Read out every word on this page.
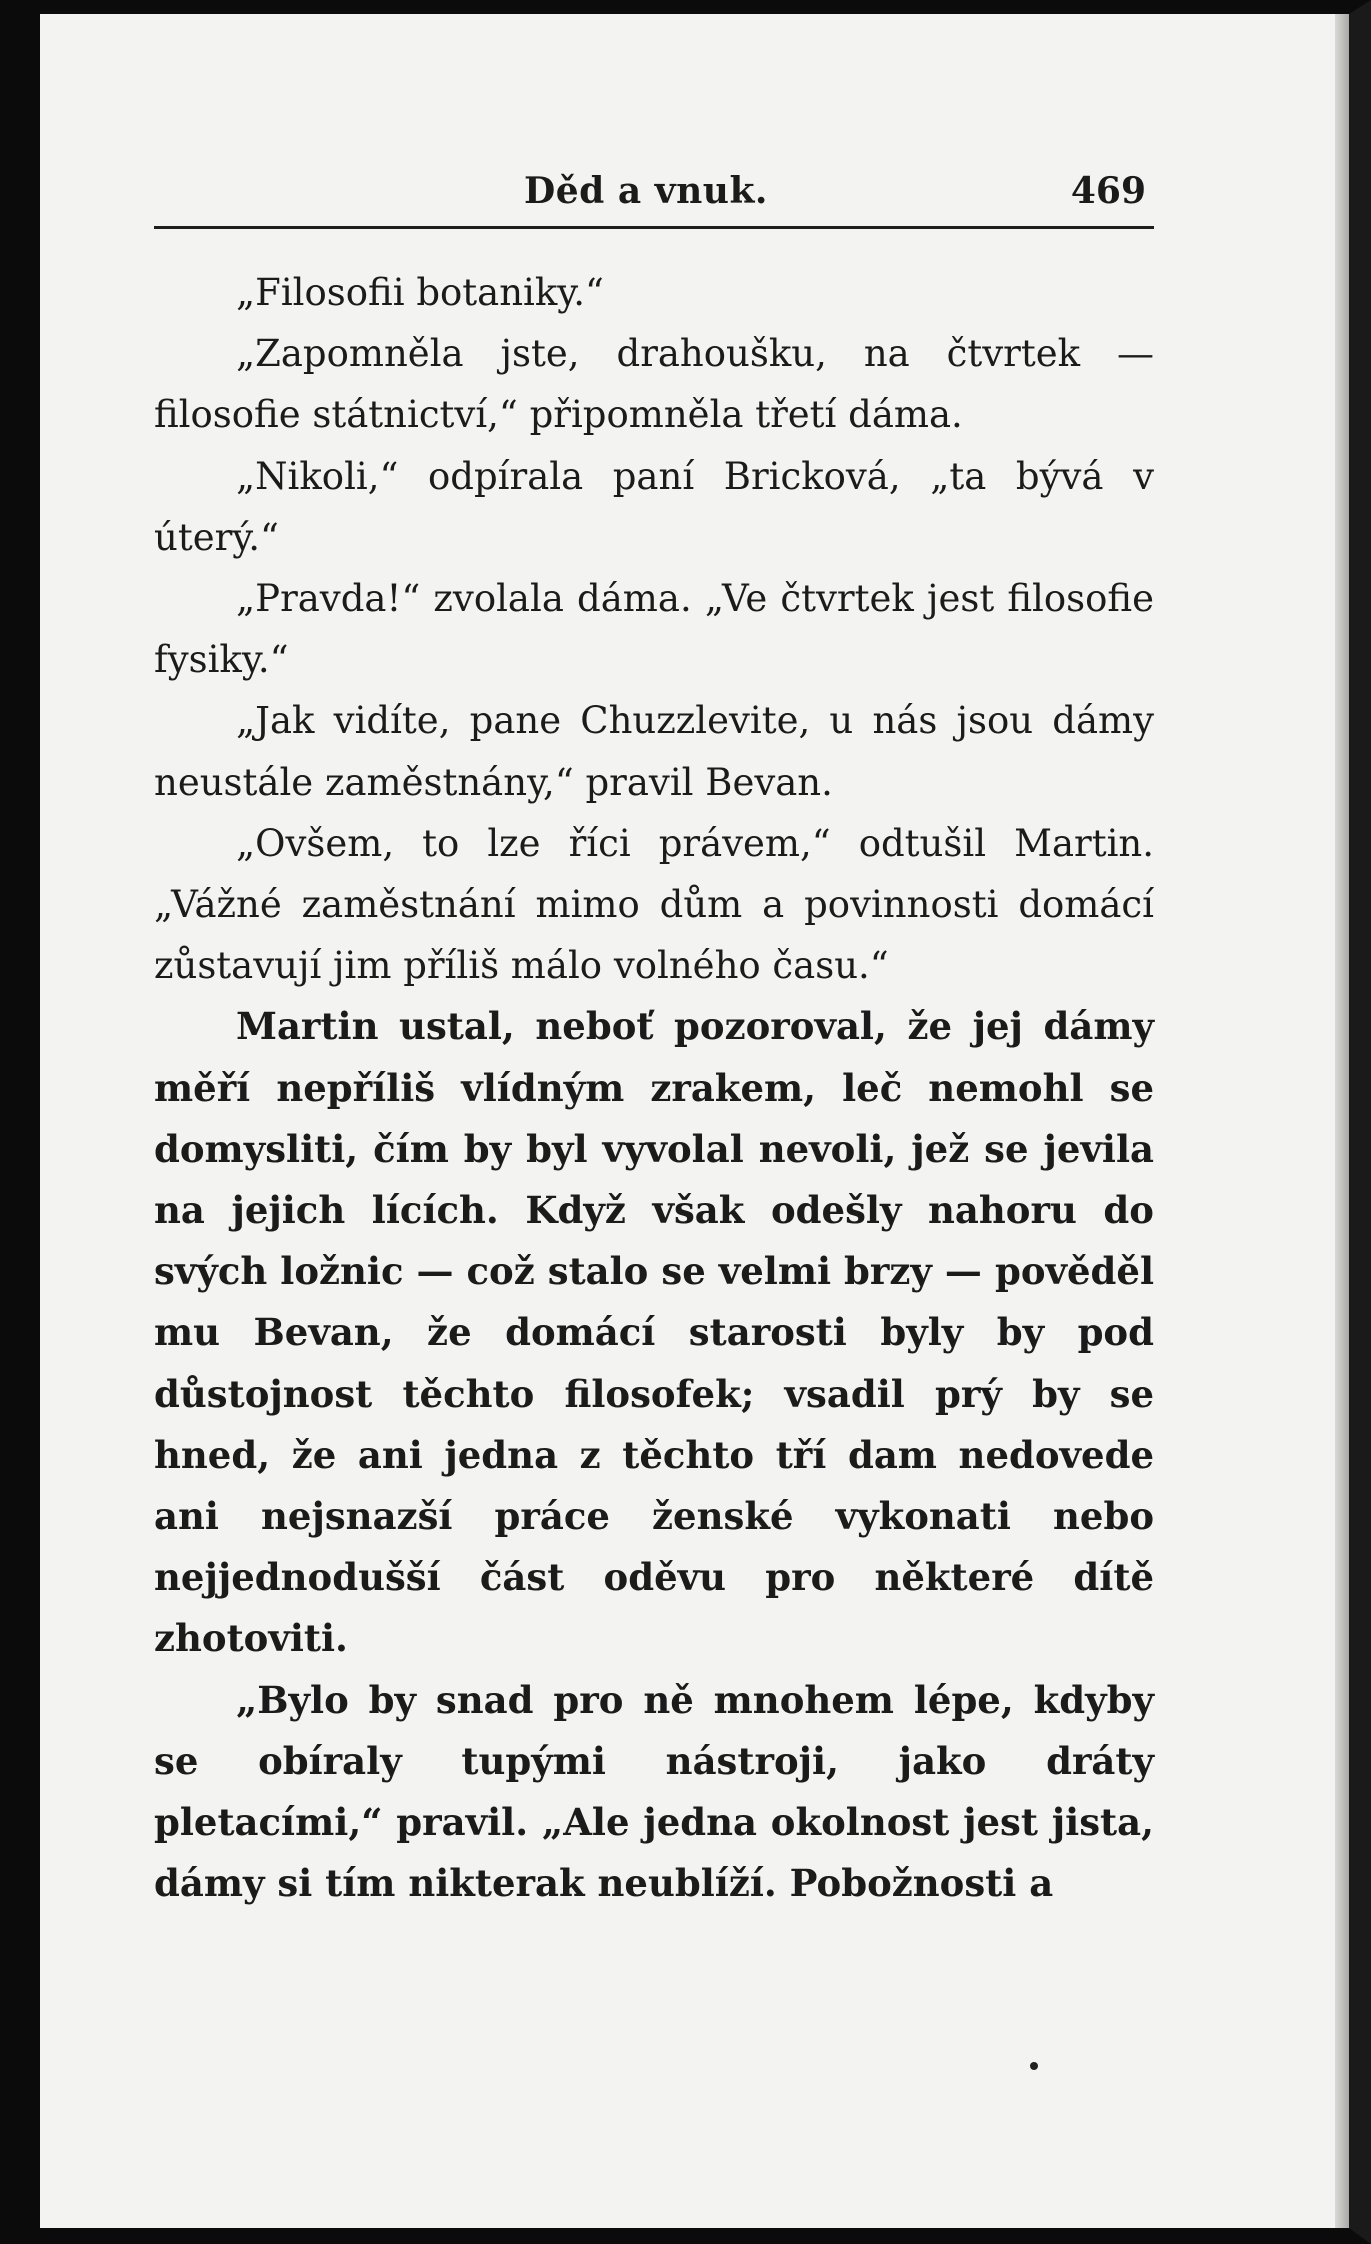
Děd a vnuk.	469

„Filosofii botaniky.“

„Zapomněla jste, drahoušku, na čtvrtek — filosofie státnictví,“ připomněla třetí dáma.

„Nikoli,“ odpírala paní Bricková, „ta bývá v úterý.“

„Pravda!“ zvolala dáma. „Ve čtvrtek jest filosofie fysiky.“

„Jak vidíte, pane Chuzzlevite, u nás jsou dámy neustále zaměstnány,“ pravil Bevan.

„Ovšem, to lze říci právem,“ odtušil Martin. „Vážné zaměstnání mimo dům a povinnosti domácí zůstavují jim příliš málo volného času.“

Martin ustal, neboť pozoroval, že jej dámy měří nepříliš vlídným zrakem, leč nemohl se domysliti, čím by byl vyvolal nevoli, jež se jevila na jejich lících. Když však odešly nahoru do svých ložnic — což stalo se velmi brzy — pověděl mu Bevan, že domácí starosti byly by pod důstojnost těchto filosofek; vsadil prý by se hned, že ani jedna z těchto tří dam nedovede ani nejsnazší práce ženské vykonati nebo nejjednodušší část oděvu pro některé dítě zhotoviti.

„Bylo by snad pro ně mnohem lépe, kdyby se obíraly tupými nástroji, jako dráty pletacími,“ pravil. „Ale jedna okolnost jest jista, dámy si tím nikterak neublíží. Pobožnosti a
